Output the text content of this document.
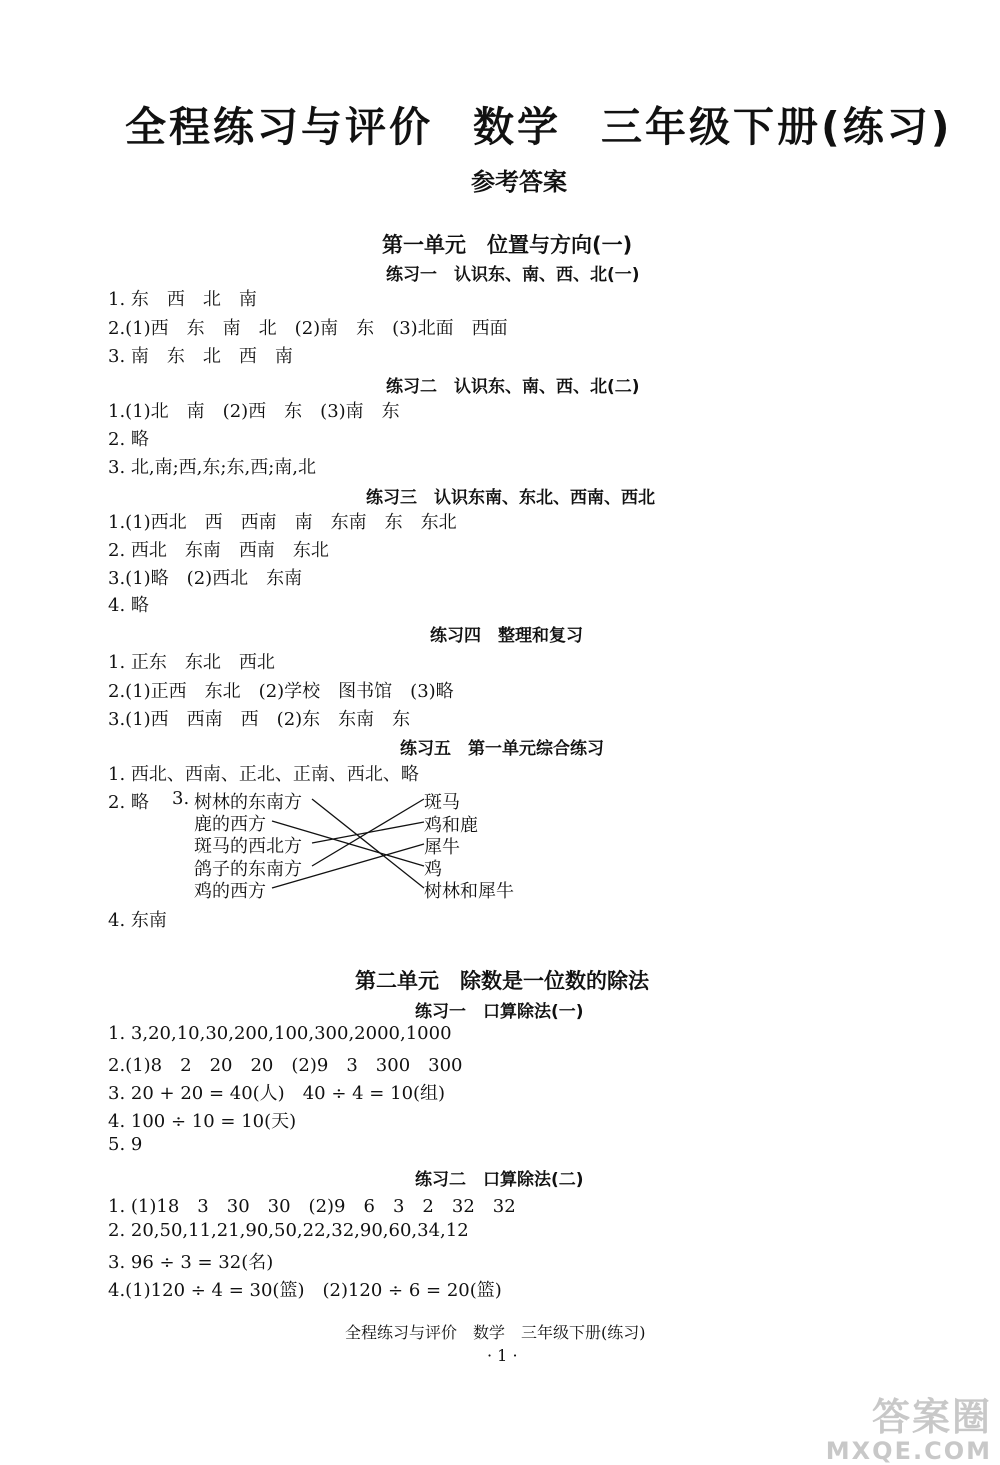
全程练习与评价 数学 三年级下册(练习)
参考答案
第一单元　位置与方向(一)
练习一　认识东、南、西、北(一)
1. 东　西　北　南
2.(1)西　东　南　北　(2)南　东　(3)北面　西面
3. 南　东　北　西　南
练习二　认识东、南、西、北(二)
1.(1)北　南　(2)西　东　(3)南　东
2. 略
3. 北,南;西,东;东,西;南,北
练习三　认识东南、东北、西南、西北
1.(1)西北　西　西南　南　东南　东　东北
2. 西北　东南　西南　东北
3.(1)略　(2)西北　东南
4. 略
练习四　整理和复习
1. 正东　东北　西北
2.(1)正西　东北　(2)学校　图书馆　(3)略
3.(1)西　西南　西　(2)东　东南　东
练习五　第一单元综合练习
1. 西北、西南、正北、正南、西北、略
2. 略 3. 树林的东南方
鹿的西方
斑马的西北方
鸽子的东南方
鸡的西方
斑马
鸡和鹿
犀牛
鸡
树林和犀牛
4. 东南
第二单元　除数是一位数的除法
练习一　口算除法(一)
1. 3,20,10,30,200,100,300,2000,1000
2.(1)8　2　20　20　(2)9　3　300　300
3. 20 + 20 = 40(人)　40 ÷ 4 = 10(组)
4. 100 ÷ 10 = 10(天)
5. 9
练习二　口算除法(二)
1. (1)18　3　30　30　(2)9　6　3　2　32　32
2. 20,50,11,21,90,50,22,32,90,60,34,12
3. 96 ÷ 3 = 32(名)
4.(1)120 ÷ 4 = 30(篮)　(2)120 ÷ 6 = 20(篮)
全程练习与评价　数学　三年级下册(练习)
· 1 ·
答案圈
MXQE.COM
